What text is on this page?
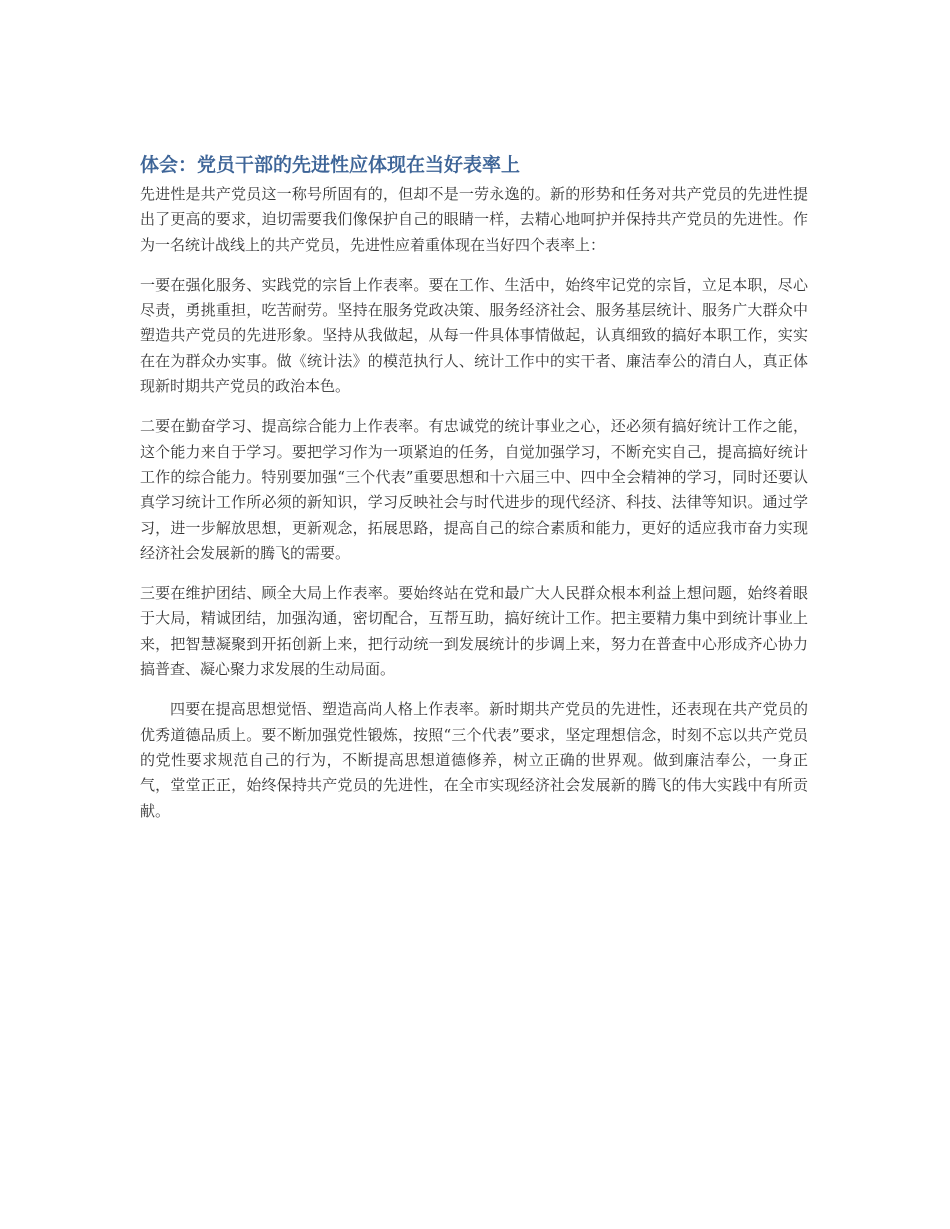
体会：党员干部的先进性应体现在当好表率上

先进性是共产党员这一称号所固有的，但却不是一劳永逸的。新的形势和任务对共产党员的先进性提出了更高的要求，迫切需要我们像保护自己的眼睛一样，去精心地呵护并保持共产党员的先进性。作为一名统计战线上的共产党员，先进性应着重体现在当好四个表率上：

一要在强化服务、实践党的宗旨上作表率。要在工作、生活中，始终牢记党的宗旨，立足本职，尽心尽责，勇挑重担，吃苦耐劳。坚持在服务党政决策、服务经济社会、服务基层统计、服务广大群众中塑造共产党员的先进形象。坚持从我做起，从每一件具体事情做起，认真细致的搞好本职工作，实实在在为群众办实事。做《统计法》的模范执行人、统计工作中的实干者、廉洁奉公的清白人，真正体现新时期共产党员的政治本色。

二要在勤奋学习、提高综合能力上作表率。有忠诚党的统计事业之心，还必须有搞好统计工作之能，这个能力来自于学习。要把学习作为一项紧迫的任务，自觉加强学习，不断充实自己，提高搞好统计工作的综合能力。特别要加强“三个代表”重要思想和十六届三中、四中全会精神的学习，同时还要认真学习统计工作所必须的新知识，学习反映社会与时代进步的现代经济、科技、法律等知识。通过学习，进一步解放思想，更新观念，拓展思路，提高自己的综合素质和能力，更好的适应我市奋力实现经济社会发展新的腾飞的需要。

三要在维护团结、顾全大局上作表率。要始终站在党和最广大人民群众根本利益上想问题，始终着眼于大局，精诚团结，加强沟通，密切配合，互帮互助，搞好统计工作。把主要精力集中到统计事业上来，把智慧凝聚到开拓创新上来，把行动统一到发展统计的步调上来，努力在普查中心形成齐心协力搞普查、凝心聚力求发展的生动局面。

四要在提高思想觉悟、塑造高尚人格上作表率。新时期共产党员的先进性，还表现在共产党员的优秀道德品质上。要不断加强党性锻炼，按照“三个代表”要求，坚定理想信念，时刻不忘以共产党员的党性要求规范自己的行为，不断提高思想道德修养，树立正确的世界观。做到廉洁奉公，一身正气，堂堂正正，始终保持共产党员的先进性，在全市实现经济社会发展新的腾飞的伟大实践中有所贡献。
